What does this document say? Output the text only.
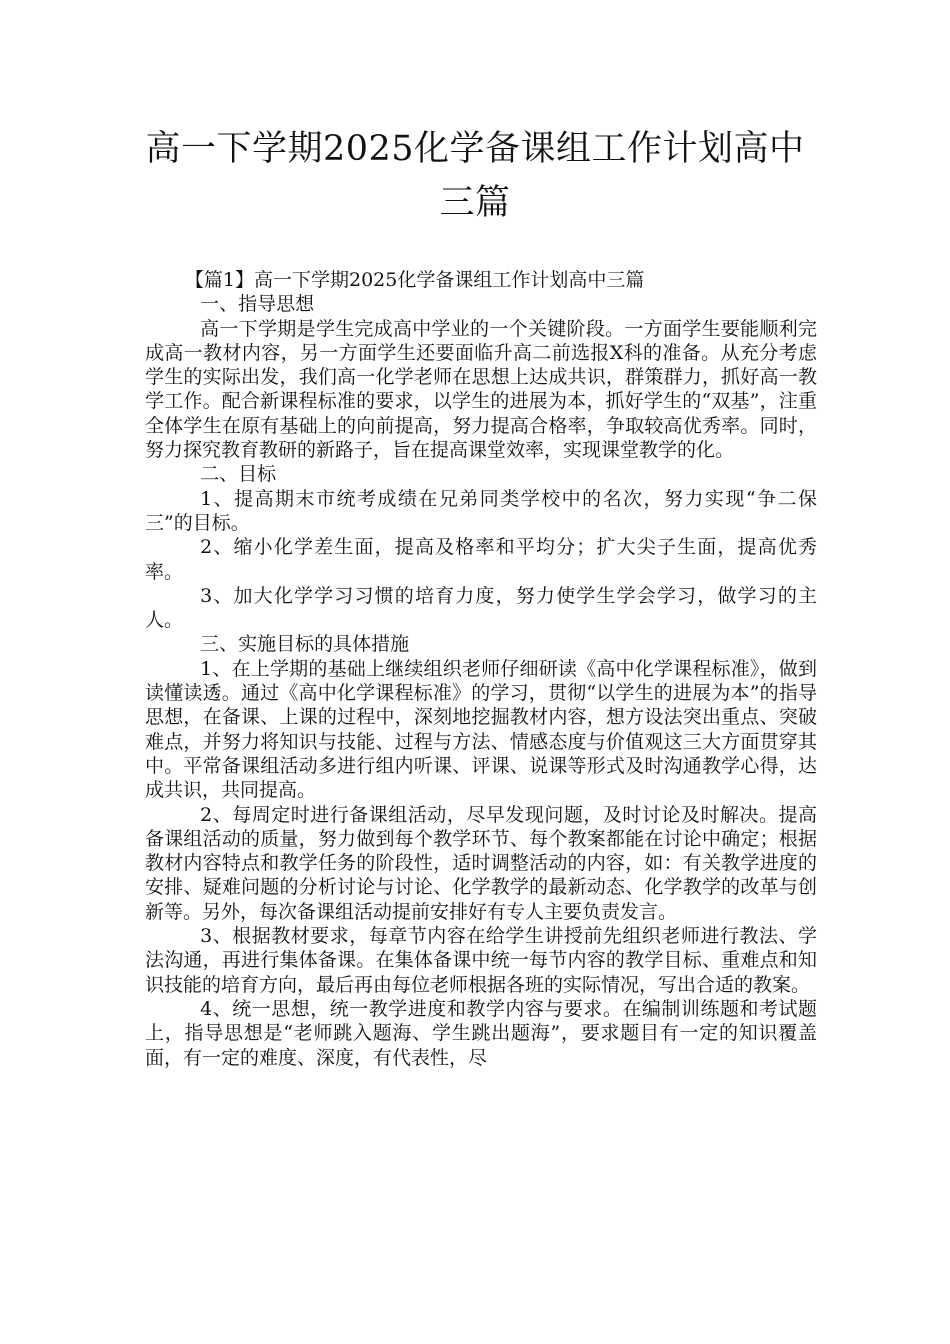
高一下学期2025化学备课组工作计划高中三篇

【篇1】高一下学期2025化学备课组工作计划高中三篇

一、指导思想

高一下学期是学生完成高中学业的一个关键阶段。一方面学生要能顺利完成高一教材内容，另一方面学生还要面临升高二前选报X科的准备。从充分考虑学生的实际出发，我们高一化学老师在思想上达成共识，群策群力，抓好高一教学工作。配合新课程标准的要求，以学生的进展为本，抓好学生的“双基”，注重全体学生在原有基础上的向前提高，努力提高合格率，争取较高优秀率。同时，努力探究教育教研的新路子，旨在提高课堂效率，实现课堂教学的化。

二、目标

1、提高期末市统考成绩在兄弟同类学校中的名次，努力实现“争二保三”的目标。

2、缩小化学差生面，提高及格率和平均分；扩大尖子生面，提高优秀率。

3、加大化学学习习惯的培育力度，努力使学生学会学习，做学习的主人。

三、实施目标的具体措施

1、在上学期的基础上继续组织老师仔细研读《高中化学课程标准》，做到读懂读透。通过《高中化学课程标准》的学习，贯彻“以学生的进展为本”的指导思想，在备课、上课的过程中，深刻地挖掘教材内容，想方设法突出重点、突破难点，并努力将知识与技能、过程与方法、情感态度与价值观这三大方面贯穿其中。平常备课组活动多进行组内听课、评课、说课等形式及时沟通教学心得，达成共识，共同提高。

2、每周定时进行备课组活动，尽早发现问题，及时讨论及时解决。提高备课组活动的质量，努力做到每个教学环节、每个教案都能在讨论中确定；根据教材内容特点和教学任务的阶段性，适时调整活动的内容，如：有关教学进度的安排、疑难问题的分析讨论与讨论、化学教学的最新动态、化学教学的改革与创新等。另外，每次备课组活动提前安排好有专人主要负责发言。

3、根据教材要求，每章节内容在给学生讲授前先组织老师进行教法、学法沟通，再进行集体备课。在集体备课中统一每节内容的教学目标、重难点和知识技能的培育方向，最后再由每位老师根据各班的实际情况，写出合适的教案。

4、统一思想，统一教学进度和教学内容与要求。在编制训练题和考试题上，指导思想是“老师跳入题海、学生跳出题海”，要求题目有一定的知识覆盖面，有一定的难度、深度，有代表性，尽
